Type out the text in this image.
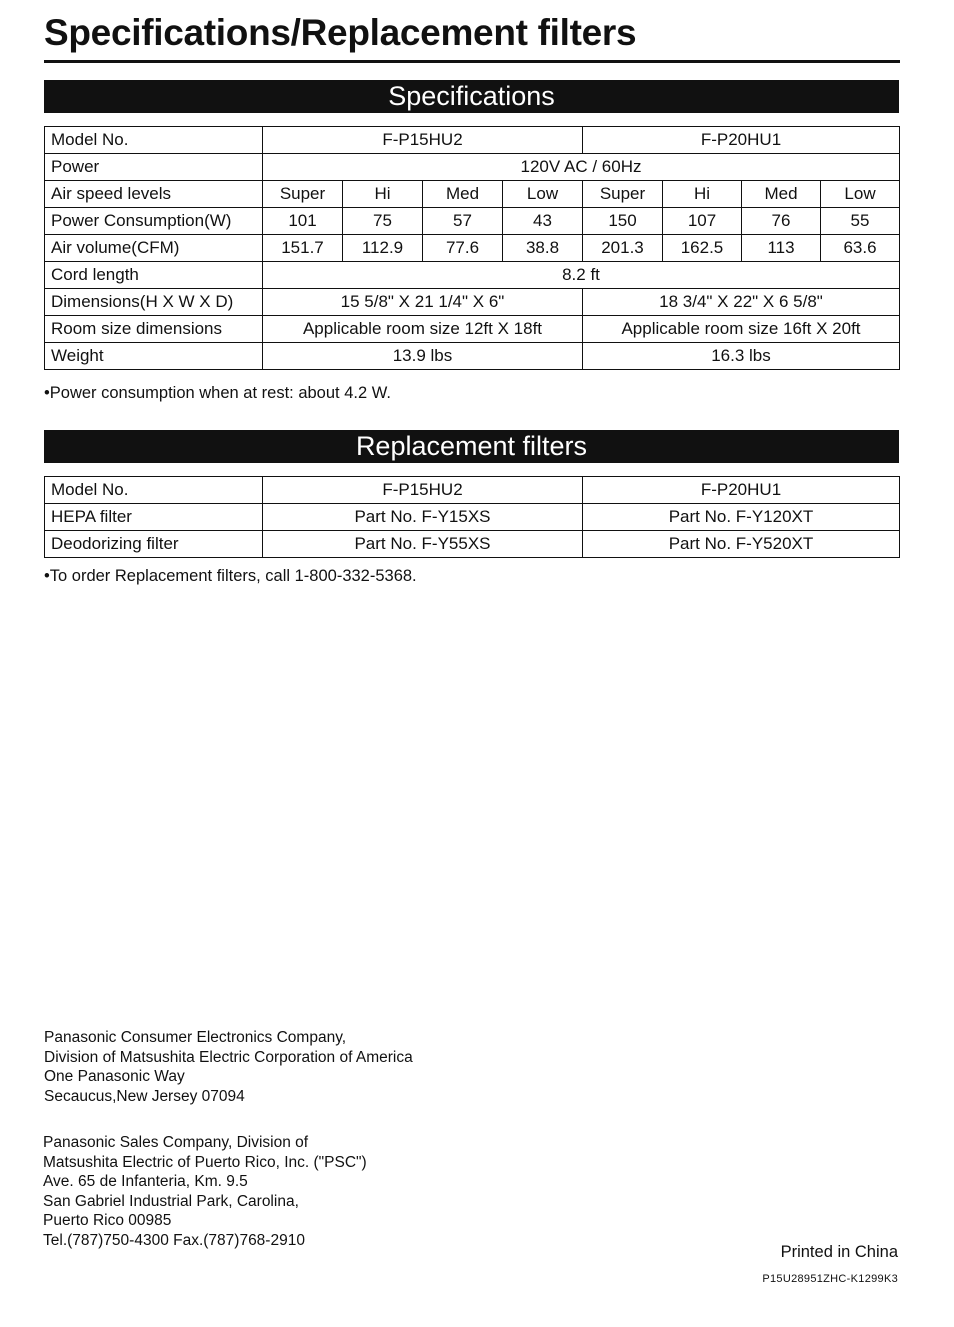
Specifications/Replacement filters
Specifications
Model No.	F-P15HU2				F-P20HU1			
Power	120V AC / 60Hz							
Air speed levels	Super	Hi	Med	Low	Super	Hi	Med	Low
Power Consumption(W)	101	75	57	43	150	107	76	55
Air volume(CFM)	151.7	112.9	77.6	38.8	201.3	162.5	113	63.6
Cord length	8.2 ft							
Dimensions(H X W X D)	15 5/8" X 21 1/4" X 6"				18 3/4" X 22" X 6 5/8"			
Room size dimensions	Applicable room size 12ft X 18ft				Applicable room size 16ft X 20ft			
Weight	13.9 lbs				16.3 lbs			
•Power consumption when at rest: about 4.2 W.
Replacement filters
Model No.	F-P15HU2	F-P20HU1
HEPA filter	Part No. F-Y15XS	Part No. F-Y120XT
Deodorizing filter	Part No. F-Y55XS	Part No. F-Y520XT
•To order Replacement filters, call 1-800-332-5368.
Panasonic Consumer Electronics Company,
Division of Matsushita Electric Corporation of America
One Panasonic Way
Secaucus,New Jersey 07094
Panasonic Sales Company, Division of
Matsushita Electric of Puerto Rico, Inc. ("PSC")
Ave. 65 de Infanteria, Km. 9.5
San Gabriel Industrial Park, Carolina,
Puerto Rico 00985
Tel.(787)750-4300 Fax.(787)768-2910
Printed in China
P15U28951ZHC-K1299K3
